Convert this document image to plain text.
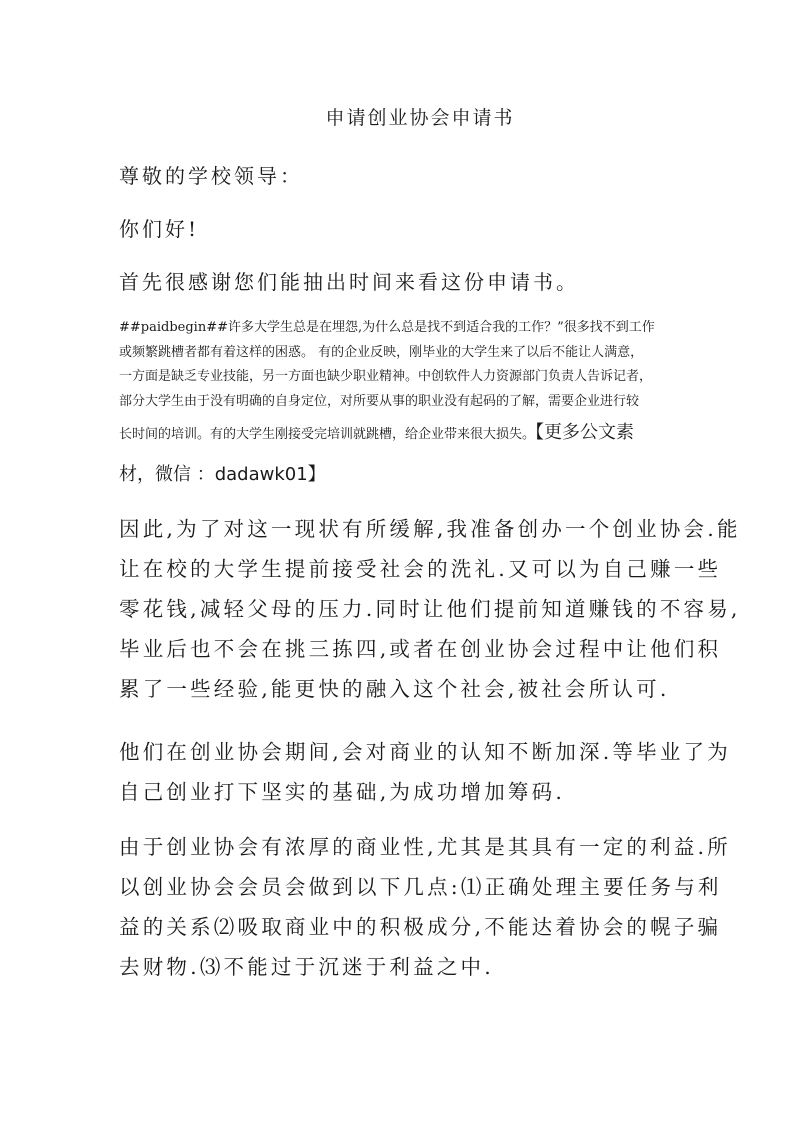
申请创业协会申请书

尊敬的学校领导：

你们好!

首先很感谢您们能抽出时间来看这份申请书。

##paidbegin##许多大学生总是在埋怨,为什么总是找不到适合我的工作？”很多找不到工作
或频繁跳槽者都有着这样的困惑。 有的企业反映，刚毕业的大学生来了以后不能让人满意，
一方面是缺乏专业技能，另一方面也缺少职业精神。中创软件人力资源部门负责人告诉记者，
部分大学生由于没有明确的自身定位，对所要从事的职业没有起码的了解，需要企业进行较
长时间的培训。有的大学生刚接受完培训就跳槽，给企业带来很大损失。【更多公文素
材，微信 ：dadawk01】
因此,为了对这一现状有所缓解,我准备创办一个创业协会.能
让在校的大学生提前接受社会的洗礼.又可以为自己赚一些
零花钱,减轻父母的压力.同时让他们提前知道赚钱的不容易,
毕业后也不会在挑三拣四,或者在创业协会过程中让他们积
累了一些经验,能更快的融入这个社会,被社会所认可.
他们在创业协会期间,会对商业的认知不断加深.等毕业了为
自己创业打下坚实的基础,为成功增加筹码.
由于创业协会有浓厚的商业性,尤其是其具有一定的利益.所
以创业协会会员会做到以下几点:⑴正确处理主要任务与利
益的关系⑵吸取商业中的积极成分,不能达着协会的幌子骗
去财物.⑶不能过于沉迷于利益之中.
